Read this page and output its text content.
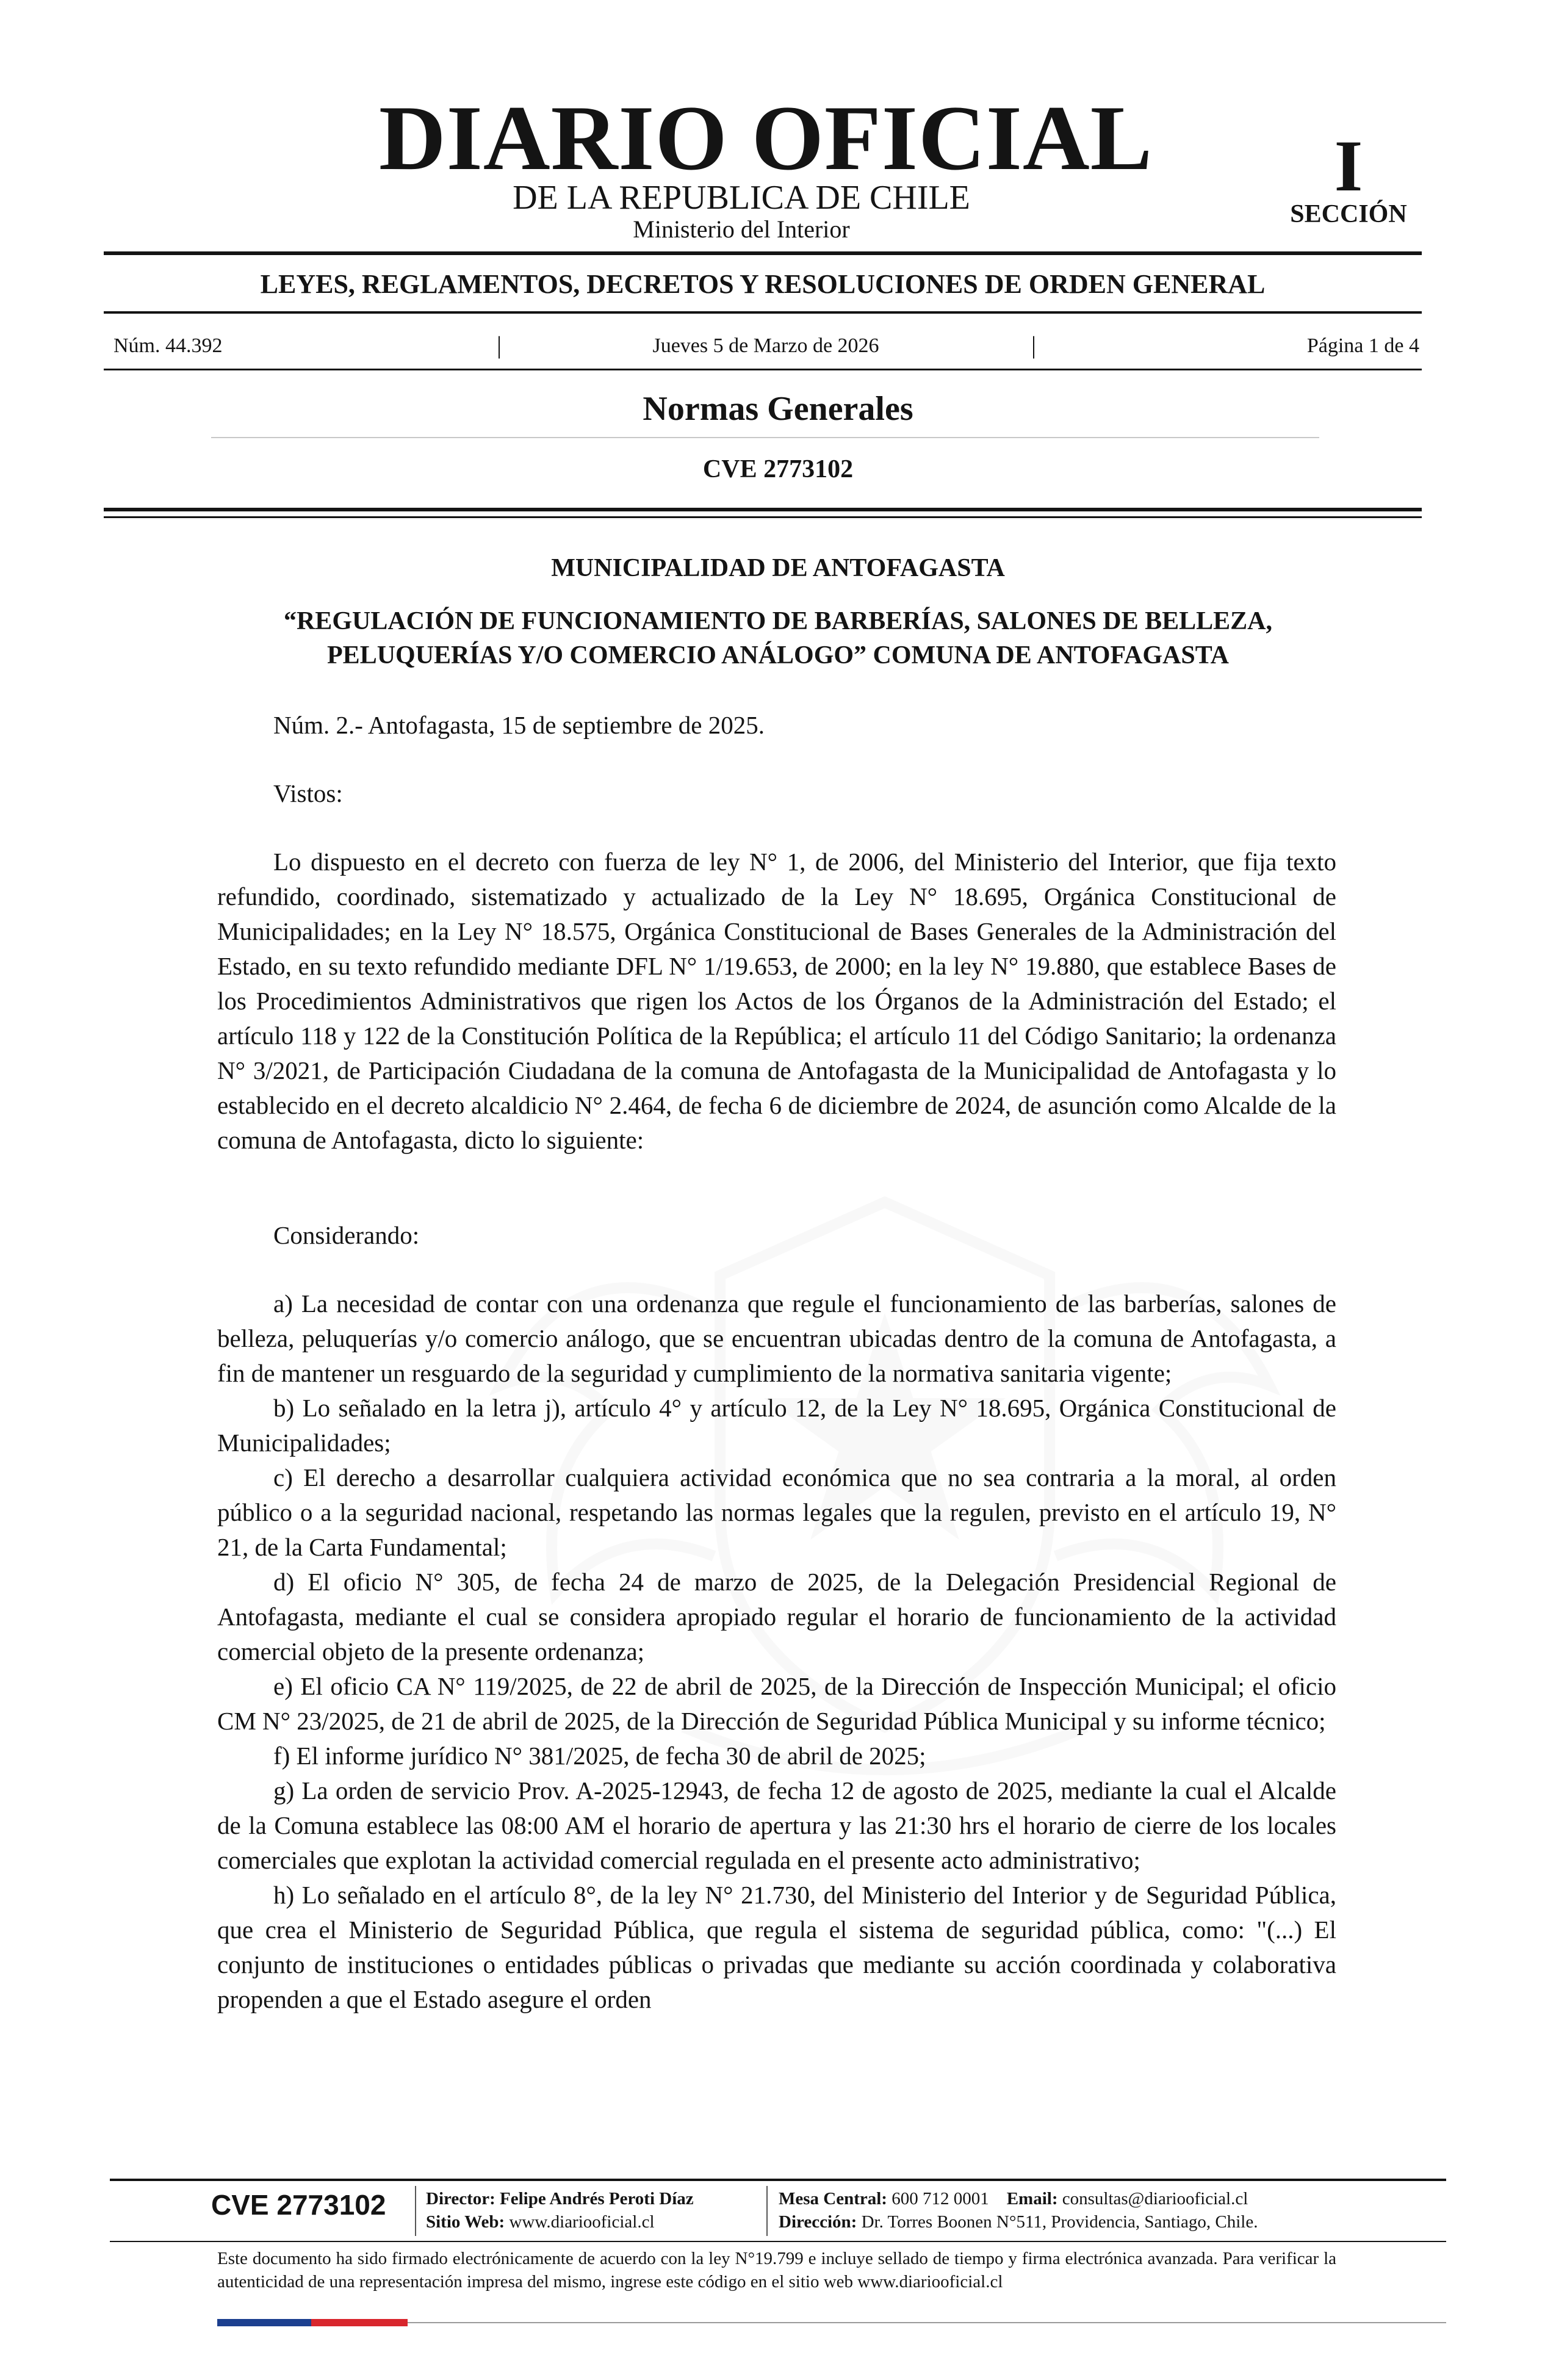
DIARIO OFICIAL
DE LA REPUBLICA DE CHILE
Ministerio del Interior
I
SECCIÓN
LEYES, REGLAMENTOS, DECRETOS Y RESOLUCIONES DE ORDEN GENERAL
Núm. 44.392	|	Jueves 5 de Marzo de 2026	|	Página 1 de 4
Normas Generales
CVE 2773102
MUNICIPALIDAD DE ANTOFAGASTA
“REGULACIÓN DE FUNCIONAMIENTO DE BARBERÍAS, SALONES DE BELLEZA,
PELUQUERÍAS Y/O COMERCIO ANÁLOGO” COMUNA DE ANTOFAGASTA
Núm. 2.- Antofagasta, 15 de septiembre de 2025.
Vistos:

Lo dispuesto en el decreto con fuerza de ley N° 1, de 2006, del Ministerio del Interior, que fija texto refundido, coordinado, sistematizado y actualizado de la Ley N° 18.695, Orgánica Constitucional de Municipalidades; en la Ley N° 18.575, Orgánica Constitucional de Bases Generales de la Administración del Estado, en su texto refundido mediante DFL N° 1/19.653, de 2000; en la ley N° 19.880, que establece Bases de los Procedimientos Administrativos que rigen los Actos de los Órganos de la Administración del Estado; el artículo 118 y 122 de la Constitución Política de la República; el artículo 11 del Código Sanitario; la ordenanza N° 3/2021, de Participación Ciudadana de la comuna de Antofagasta de la Municipalidad de Antofagasta y lo establecido en el decreto alcaldicio N° 2.464, de fecha 6 de diciembre de 2024, de asunción como Alcalde de la comuna de Antofagasta, dicto lo siguiente:

Considerando:

a) La necesidad de contar con una ordenanza que regule el funcionamiento de las barberías, salones de belleza, peluquerías y/o comercio análogo, que se encuentran ubicadas dentro de la comuna de Antofagasta, a fin de mantener un resguardo de la seguridad y cumplimiento de la normativa sanitaria vigente;

b) Lo señalado en la letra j), artículo 4° y artículo 12, de la Ley N° 18.695, Orgánica Constitucional de Municipalidades;

c) El derecho a desarrollar cualquiera actividad económica que no sea contraria a la moral, al orden público o a la seguridad nacional, respetando las normas legales que la regulen, previsto en el artículo 19, N° 21, de la Carta Fundamental;

d) El oficio N° 305, de fecha 24 de marzo de 2025, de la Delegación Presidencial Regional de Antofagasta, mediante el cual se considera apropiado regular el horario de funcionamiento de la actividad comercial objeto de la presente ordenanza;

e) El oficio CA N° 119/2025, de 22 de abril de 2025, de la Dirección de Inspección Municipal; el oficio CM N° 23/2025, de 21 de abril de 2025, de la Dirección de Seguridad Pública Municipal y su informe técnico;

f) El informe jurídico N° 381/2025, de fecha 30 de abril de 2025;

g) La orden de servicio Prov. A-2025-12943, de fecha 12 de agosto de 2025, mediante la cual el Alcalde de la Comuna establece las 08:00 AM el horario de apertura y las 21:30 hrs el horario de cierre de los locales comerciales que explotan la actividad comercial regulada en el presente acto administrativo;

h) Lo señalado en el artículo 8°, de la ley N° 21.730, del Ministerio del Interior y de Seguridad Pública, que crea el Ministerio de Seguridad Pública, que regula el sistema de seguridad pública, como: "(...) El conjunto de instituciones o entidades públicas o privadas que mediante su acción coordinada y colaborativa propenden a que el Estado asegure el orden

CVE 2773102 Director: Felipe Andrés Peroti Díaz
Sitio Web: www.diariooficial.cl
Mesa Central: 600 712 0001 Email: consultas@diariooficial.cl
Dirección: Dr. Torres Boonen N°511, Providencia, Santiago, Chile.
Este documento ha sido firmado electrónicamente de acuerdo con la ley N°19.799 e incluye sellado de tiempo y firma electrónica avanzada. Para verificar la autenticidad de una representación impresa del mismo, ingrese este código en el sitio web www.diariooficial.cl
